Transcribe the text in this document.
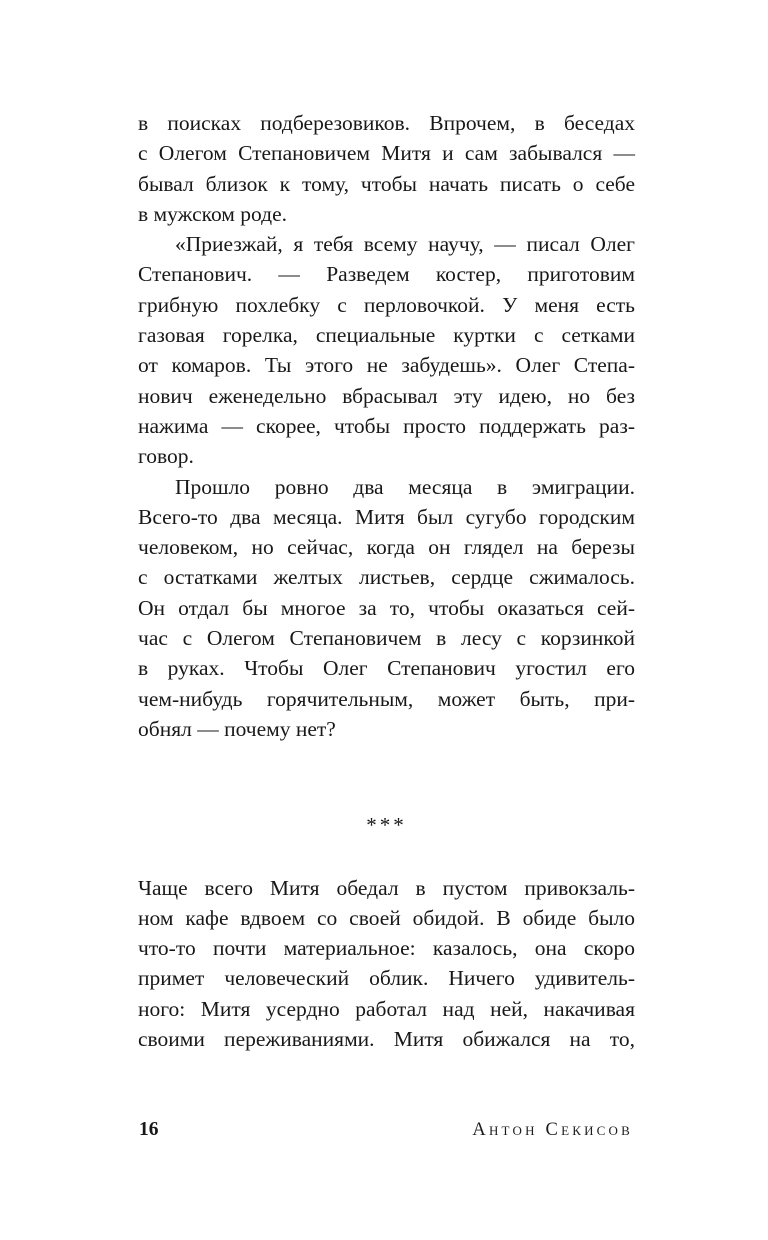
в поисках подберезовиков. Впрочем, в беседах
с Олегом Степановичем Митя и сам забывался —
бывал близок к тому, чтобы начать писать о себе
в мужском роде.
«Приезжай, я тебя всему научу, — писал Олег
Степанович. — Разведем костер, приготовим
грибную похлебку с перловочкой. У меня есть
газовая горелка, специальные куртки с сетками
от комаров. Ты этого не забудешь». Олег Степа-
нович еженедельно вбрасывал эту идею, но без
нажима — скорее, чтобы просто поддержать раз-
говор.
Прошло ровно два месяца в эмиграции.
Всего-то два месяца. Митя был сугубо городским
человеком, но сейчас, когда он глядел на березы
с остатками желтых листьев, сердце сжималось.
Он отдал бы многое за то, чтобы оказаться сей-
час с Олегом Степановичем в лесу с корзинкой
в руках. Чтобы Олег Степанович угостил его
чем-нибудь горячительным, может быть, при-
обнял — почему нет?
***
Чаще всего Митя обедал в пустом привокзаль-
ном кафе вдвоем со своей обидой. В обиде было
что-то почти материальное: казалось, она скоро
примет человеческий облик. Ничего удивитель-
ного: Митя усердно работал над ней, накачивая
своими переживаниями. Митя обижался на то,
16	Антон Секисов
